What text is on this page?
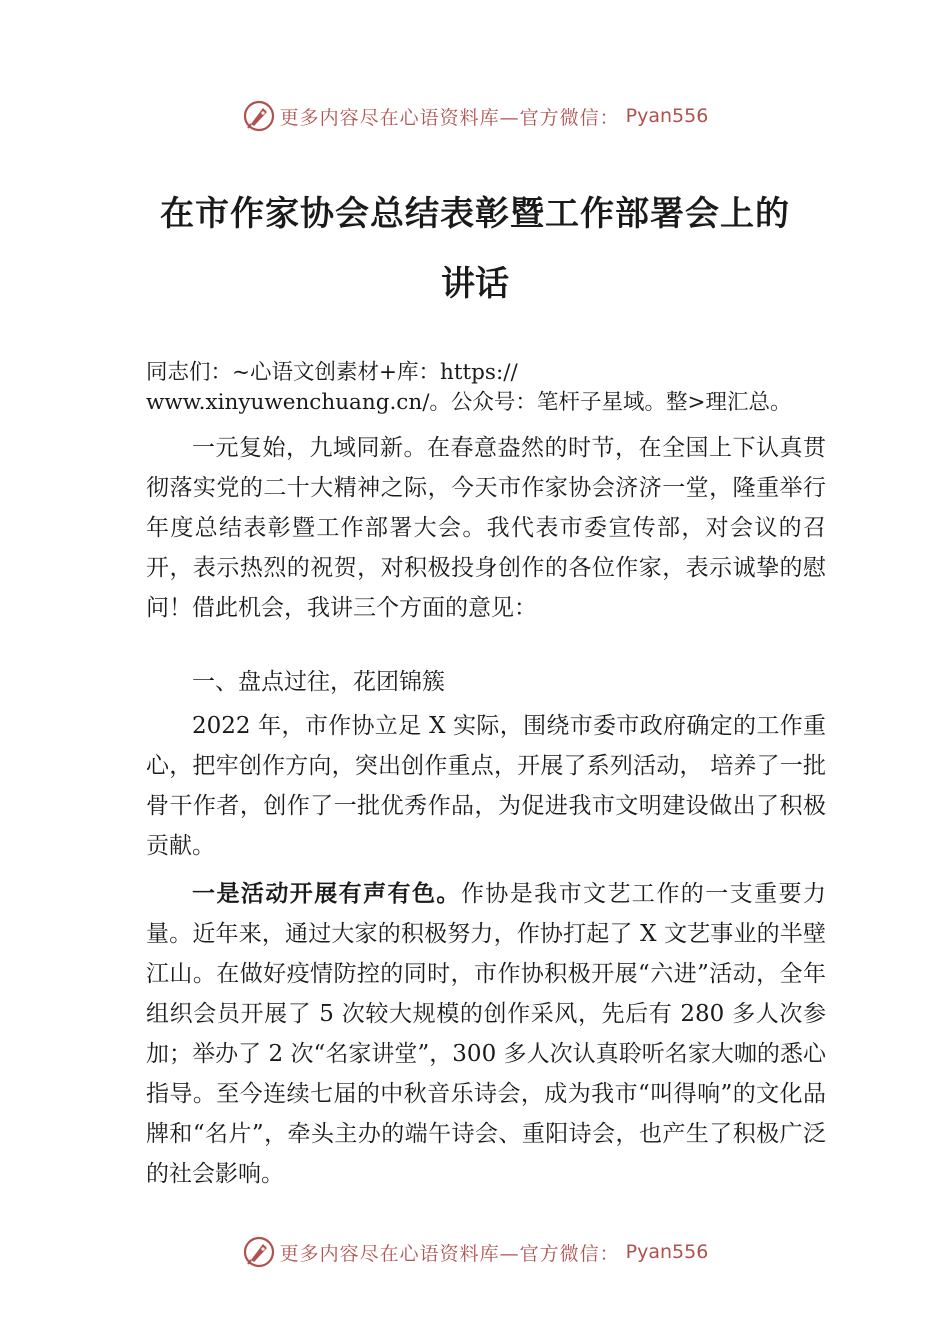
更多内容尽在心语资料库—官方微信： Pyan556
在市作家协会总结表彰暨工作部署会上的
讲话
同志们：~心语文创素材+库：https://
www.xinyuwenchuang.cn/。公众号：笔杆子星域。整>理汇总。

一元复始，九域同新。在春意盎然的时节，在全国上下认真贯彻落实党的二十大精神之际，今天市作家协会济济一堂，隆重举行年度总结表彰暨工作部署大会。我代表市委宣传部，对会议的召开，表示热烈的祝贺，对积极投身创作的各位作家，表示诚挚的慰问！借此机会，我讲三个方面的意见：

一、盘点过往，花团锦簇

2022 年，市作协立足 X 实际，围绕市委市政府确定的工作重心，把牢创作方向，突出创作重点，开展了系列活动， 培养了一批骨干作者，创作了一批优秀作品，为促进我市文明建设做出了积极贡献。

一是活动开展有声有色。作协是我市文艺工作的一支重要力量。近年来，通过大家的积极努力，作协打起了 X 文艺事业的半壁江山。在做好疫情防控的同时，市作协积极开展“六进”活动，全年组织会员开展了 5 次较大规模的创作采风，先后有 280 多人次参加；举办了 2 次“名家讲堂”，300 多人次认真聆听名家大咖的悉心指导。至今连续七届的中秋音乐诗会，成为我市“叫得响”的文化品牌和“名片”，牵头主办的端午诗会、重阳诗会，也产生了积极广泛的社会影响。

更多内容尽在心语资料库—官方微信： Pyan556
